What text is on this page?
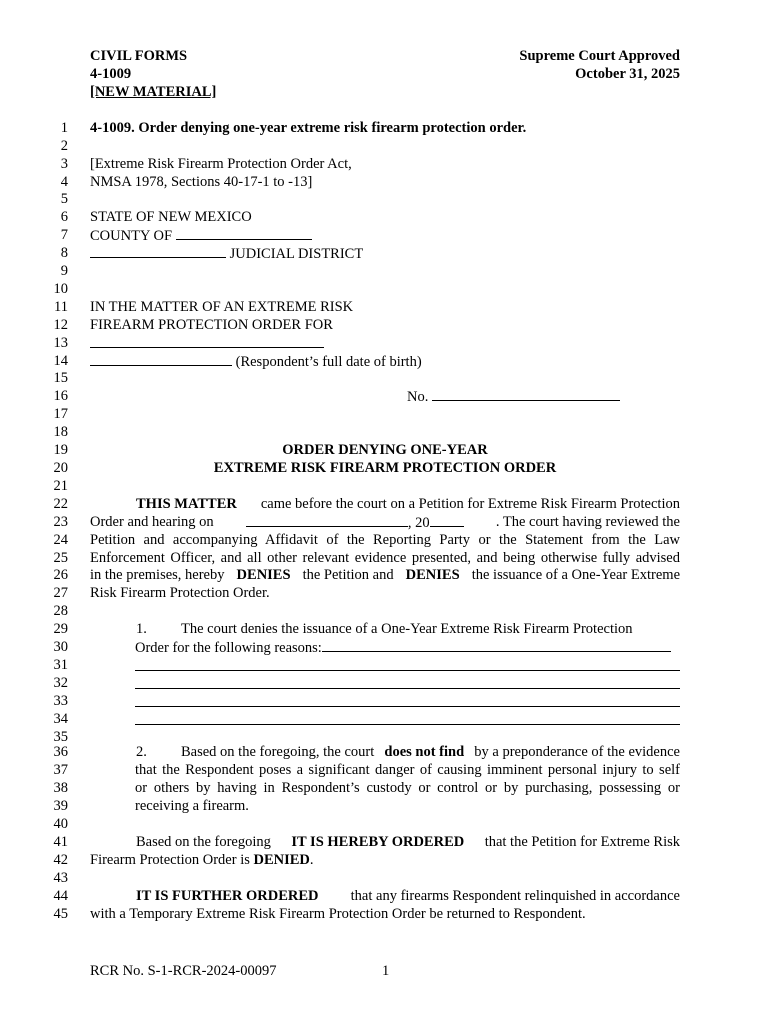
CIVIL FORMS
4-1009
[NEW MATERIAL]
Supreme Court Approved
October 31, 2025
1
2
3
4
5
6
7
8
9
10
11
12
13
14
15
16
17
18
19
20
21
22
23
24
25
26
27
28
29
30
31
32
33
34
35
36
37
38
39
40
41
42
43
44
45
4-1009. Order denying one-year extreme risk firearm protection order.
[Extreme Risk Firearm Protection Order Act,
NMSA 1978, Sections 40-17-1 to -13]
STATE OF NEW MEXICO
COUNTY OF
JUDICIAL DISTRICT
IN THE MATTER OF AN EXTREME RISK
FIREARM PROTECTION ORDER FOR
(Respondent’s full date of birth)
No.
ORDER DENYING ONE-YEAR
EXTREME RISK FIREARM PROTECTION ORDER
THIS MATTER came before the court on a Petition for Extreme Risk Firearm Protection
Order and hearing on	, 20	. The court having reviewed the
Petition and accompanying Affidavit of the Reporting Party or the Statement from the Law
Enforcement Officer, and all other relevant evidence presented, and being otherwise fully advised
in the premises, hereby DENIES the Petition and DENIES the issuance of a One-Year Extreme
Risk Firearm Protection Order.
1. The court denies the issuance of a One-Year Extreme Risk Firearm Protection
Order for the following reasons:
2. Based on the foregoing, the court does not find by a preponderance of the evidence
that the Respondent poses a significant danger of causing imminent personal injury to self
or others by having in Respondent’s custody or control or by purchasing, possessing or
receiving a firearm.
Based on the foregoing IT IS HEREBY ORDERED that the Petition for Extreme Risk
Firearm Protection Order is DENIED.
IT IS FURTHER ORDERED that any firearms Respondent relinquished in accordance
with a Temporary Extreme Risk Firearm Protection Order be returned to Respondent.
RCR No. S-1-RCR-2024-00097	1
